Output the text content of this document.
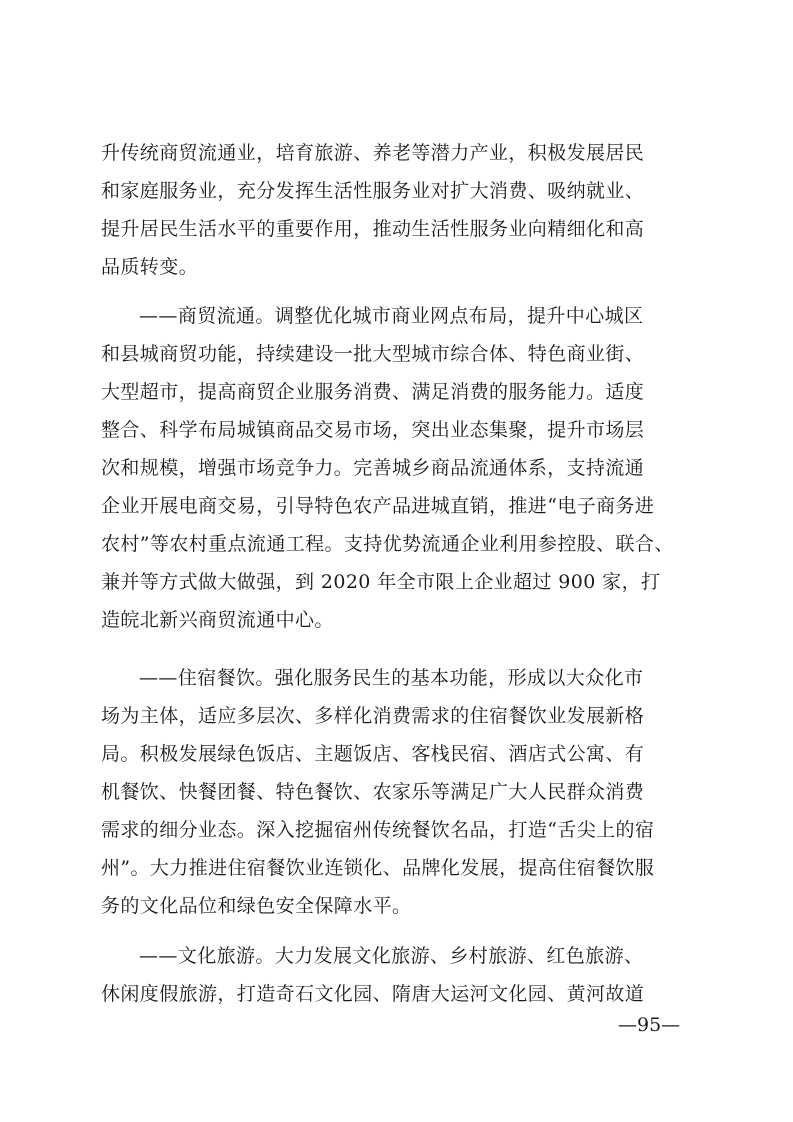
升传统商贸流通业，培育旅游、养老等潜力产业，积极发展居民
和家庭服务业，充分发挥生活性服务业对扩大消费、吸纳就业、
提升居民生活水平的重要作用，推动生活性服务业向精细化和高
品质转变。
——商贸流通。调整优化城市商业网点布局，提升中心城区
和县城商贸功能，持续建设一批大型城市综合体、特色商业街、
大型超市，提高商贸企业服务消费、满足消费的服务能力。适度
整合、科学布局城镇商品交易市场，突出业态集聚，提升市场层
次和规模，增强市场竞争力。完善城乡商品流通体系，支持流通
企业开展电商交易，引导特色农产品进城直销，推进“电子商务进
农村”等农村重点流通工程。支持优势流通企业利用参控股、联合、
兼并等方式做大做强，到 2020 年全市限上企业超过 900 家，打
造皖北新兴商贸流通中心。
——住宿餐饮。强化服务民生的基本功能，形成以大众化市
场为主体，适应多层次、多样化消费需求的住宿餐饮业发展新格
局。积极发展绿色饭店、主题饭店、客栈民宿、酒店式公寓、有
机餐饮、快餐团餐、特色餐饮、农家乐等满足广大人民群众消费
需求的细分业态。深入挖掘宿州传统餐饮名品，打造“舌尖上的宿
州”。大力推进住宿餐饮业连锁化、品牌化发展，提高住宿餐饮服
务的文化品位和绿色安全保障水平。
——文化旅游。大力发展文化旅游、乡村旅游、红色旅游、
休闲度假旅游，打造奇石文化园、隋唐大运河文化园、黄河故道
—95—
